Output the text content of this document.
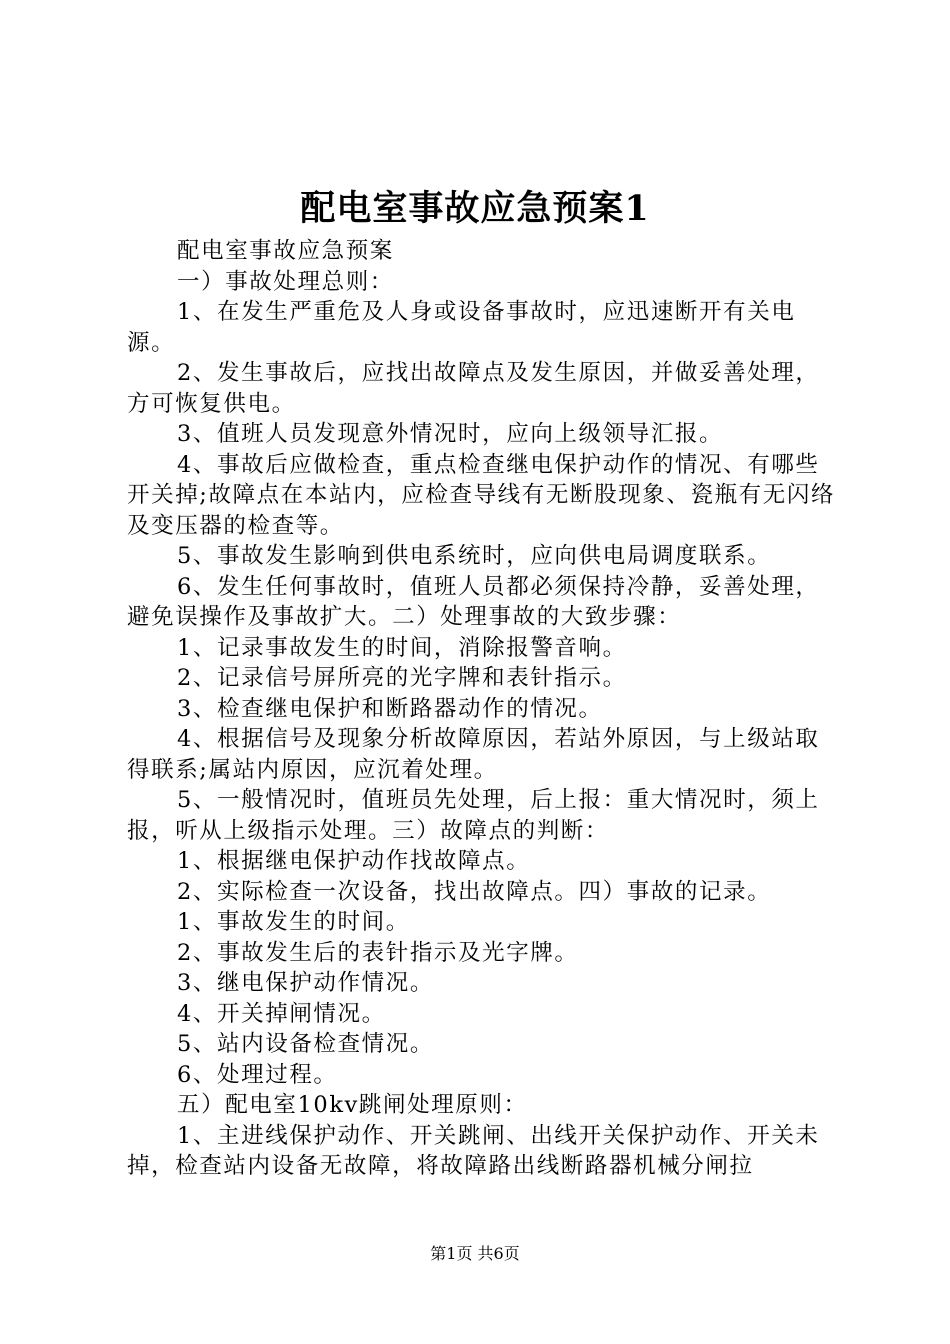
配电室事故应急预案1

配电室事故应急预案

一）事故处理总则：

1、在发生严重危及人身或设备事故时，应迅速断开有关电源。

2、发生事故后，应找出故障点及发生原因，并做妥善处理，方可恢复供电。

3、值班人员发现意外情况时，应向上级领导汇报。

4、事故后应做检查，重点检查继电保护动作的情况、有哪些开关掉;故障点在本站内，应检查导线有无断股现象、瓷瓶有无闪络及变压器的检查等。

5、事故发生影响到供电系统时，应向供电局调度联系。

6、发生任何事故时，值班人员都必须保持冷静，妥善处理，避免误操作及事故扩大。二）处理事故的大致步骤：

1、记录事故发生的时间，消除报警音响。

2、记录信号屏所亮的光字牌和表针指示。

3、检查继电保护和断路器动作的情况。

4、根据信号及现象分析故障原因，若站外原因，与上级站取得联系;属站内原因，应沉着处理。

5、一般情况时，值班员先处理，后上报：重大情况时，须上报，听从上级指示处理。三）故障点的判断：

1、根据继电保护动作找故障点。

2、实际检查一次设备，找出故障点。四）事故的记录。

1、事故发生的时间。

2、事故发生后的表针指示及光字牌。

3、继电保护动作情况。

4、开关掉闸情况。

5、站内设备检查情况。

6、处理过程。

五）配电室10kv跳闸处理原则：

1、主进线保护动作、开关跳闸、出线开关保护动作、开关未掉，检查站内设备无故障，将故障路出线断路器机械分闸拉

第1页 共6页
